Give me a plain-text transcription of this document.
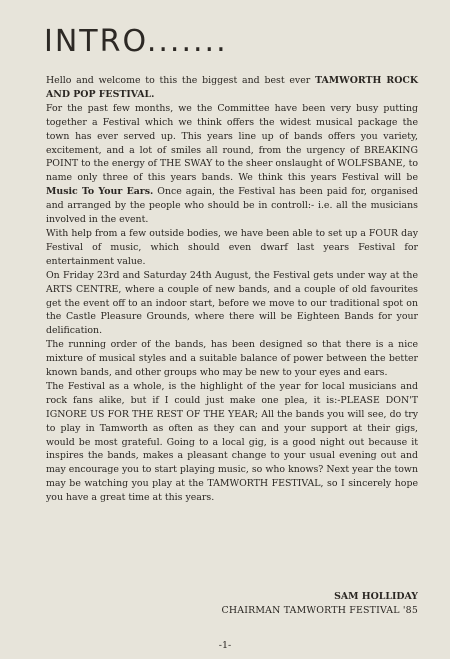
INTRO.......

Hello and welcome to this the biggest and best ever TAMWORTH ROCK AND POP FESTIVAL.

For the past few months, we the Committee have been very busy putting together a Festival which we think offers the widest musical package the town has ever served up. This years line up of bands offers you variety, excitement, and a lot of smiles all round, from the urgency of BREAKING POINT to the energy of THE SWAY to the sheer onslaught of WOLFSBANE, to name only three of this years bands. We think this years Festival will be Music To Your Ears. Once again, the Festival has been paid for, organised and arranged by the people who should be in controll:- i.e. all the musicians involved in the event.

With help from a few outside bodies, we have been able to set up a FOUR day Festival of music, which should even dwarf last years Festival for entertainment value.

On Friday 23rd and Saturday 24th August, the Festival gets under way at the ARTS CENTRE, where a couple of new bands, and a couple of old favourites get the event off to an indoor start, before we move to our traditional spot on the Castle Pleasure Grounds, where there will be Eighteen Bands for your delification.

The running order of the bands, has been designed so that there is a nice mixture of musical styles and a suitable balance of power between the better known bands, and other groups who may be new to your eyes and ears.

The Festival as a whole, is the highlight of the year for local musicians and rock fans alike, but if I could just make one plea, it is:-PLEASE DON'T IGNORE US FOR THE REST OF THE YEAR; All the bands you will see, do try to play in Tamworth as often as they can and your support at their gigs, would be most grateful. Going to a local gig, is a good night out because it inspires the bands, makes a pleasant change to your usual evening out and may encourage you to start playing music, so who knows? Next year the town may be watching you play at the TAMWORTH FESTIVAL, so I sincerely hope you have a great time at this years.

SAM HOLLIDAY
CHAIRMAN TAMWORTH FESTIVAL '85
-1-
